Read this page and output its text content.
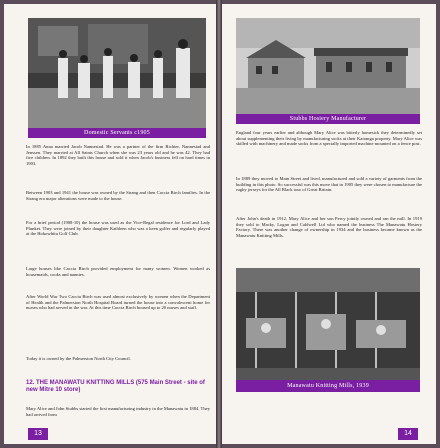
Domestic Servants c1905

In 1885 Anna married Jacob Nannestad. He was a partner of the firm Richter, Nannestad and Jenssen. They married at All Saints Church when she was 23 years old and he was 42. They had five children. In 1892 they built this house and sold it when Jacob's business fell on hard times in 1903.

Between 1903 and 1941 the house was owned by the Strang and then Caccia Birch families. In the Strang era major alterations were made to the house.

For a brief period (1908-10) the house was used as the Vice-Regal residence for Lord and Lady Plunket. They were joined by their daughter Kathleen who was a keen golfer and regularly played at the Hokowhitu Golf Club.

Large houses like Caccia Birch provided employment for many women. Women worked as housemaids, cooks and nannies.

After World War Two Caccia Birch was used almost exclusively by women when the Department of Health and the Palmerston North Hospital Board turned the house into a convalescent home for nurses who had served in the war. At this time Caccia Birch housed up to 20 nurses and staff.

Today it is owned by the Palmerston North City Council.

12. THE MANAWATU KNITTING MILLS (575 Main Street - site of new Mitre 10 store)

Mary Alice and John Stubbs started the first manufacturing industry in the Manawatu in 1884. They had arrived from

13
Stubbs Hosiery Manufacturer

England four years earlier and although Mary Alice was bitterly homesick they determinedly set about supplementing their living by manufacturing socks at their Kairanga property. Mary Alice was skilled with machinery and made socks from a specially imported machine mounted on a fence post.

In 1889 they moved to Main Street and lived, manufactured and sold a variety of garments from the building in this photo. So successful was this move that in 1905 they were chosen to manufacture the rugby jerseys for the All Black tour of Great Britain.

After John's death in 1912, Mary Alice and her son Percy jointly owned and ran the mill. In 1919 they sold to Macky, Logan and Caldwell Ltd who named the business The Manawatu Hosiery Factory. There was another change of ownership in 1934 and the business became known as the Manawatu Knitting Mills.

Manawatu Knitting Mills, 1939
14
